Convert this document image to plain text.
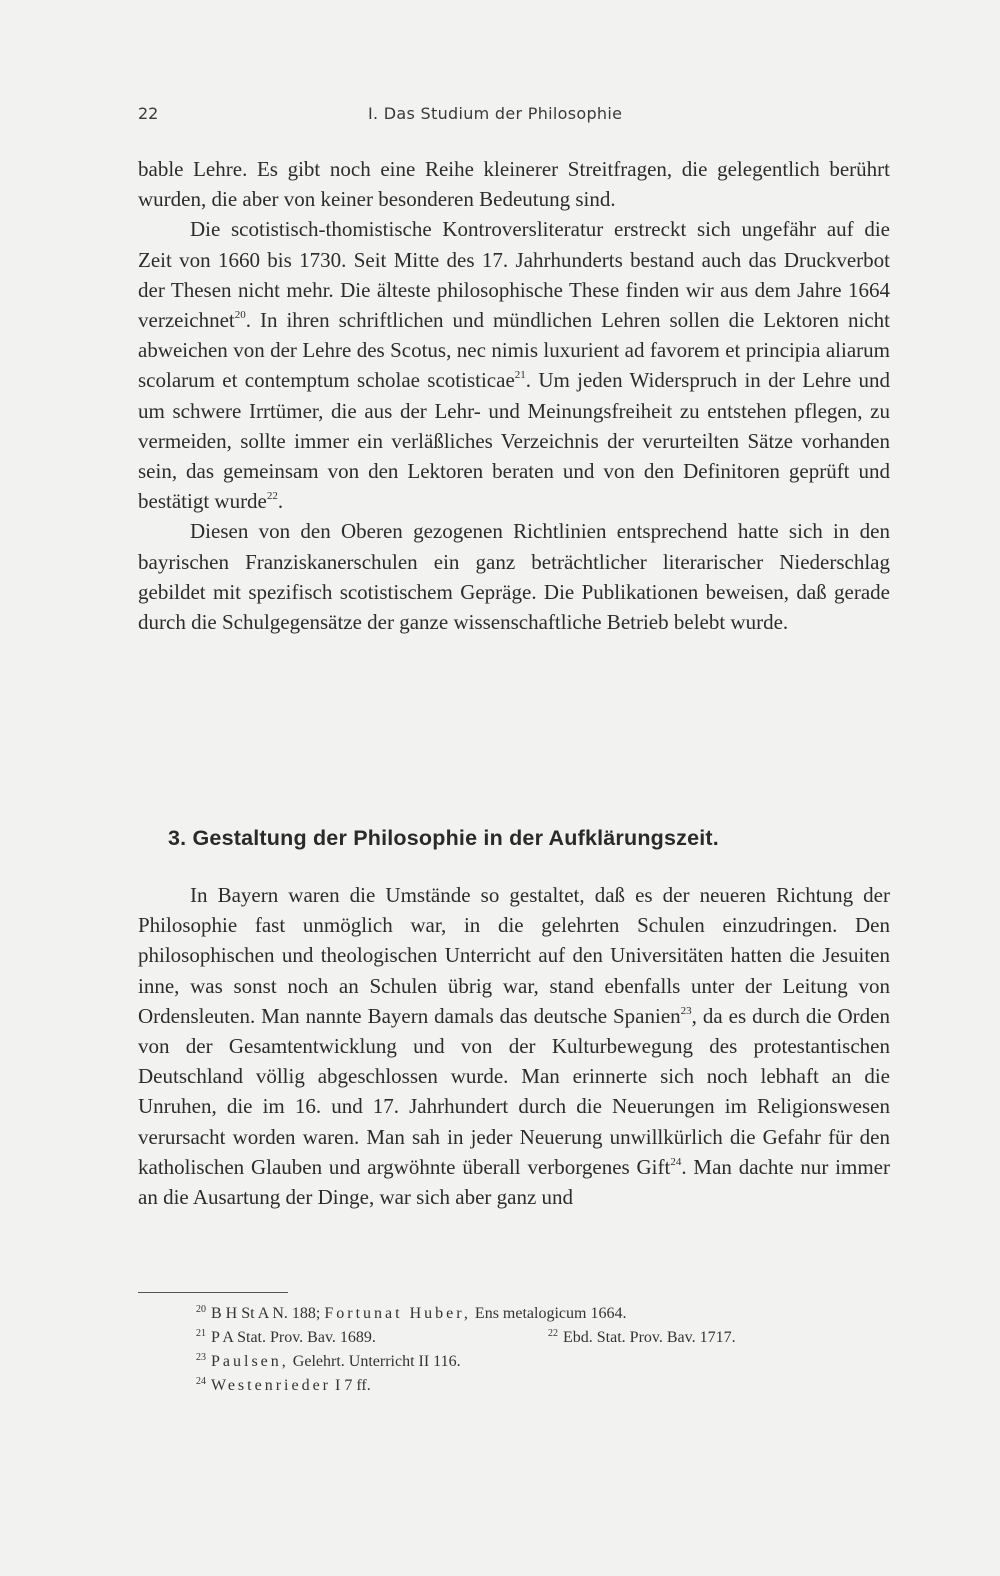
22	I. Das Studium der Philosophie

bable Lehre. Es gibt noch eine Reihe kleinerer Streitfragen, die gelegentlich berührt wurden, die aber von keiner besonderen Bedeutung sind.

Die scotistisch-thomistische Kontroversliteratur erstreckt sich ungefähr auf die Zeit von 1660 bis 1730. Seit Mitte des 17. Jahrhunderts bestand auch das Druckverbot der Thesen nicht mehr. Die älteste philosophische These finden wir aus dem Jahre 1664 verzeichnet$^{20}$. In ihren schriftlichen und mündlichen Lehren sollen die Lektoren nicht abweichen von der Lehre des Scotus, nec nimis luxurient ad favorem et principia aliarum scolarum et contemptum scholae scotisticae$^{21}$. Um jeden Widerspruch in der Lehre und um schwere Irrtümer, die aus der Lehr- und Meinungsfreiheit zu entstehen pflegen, zu vermeiden, sollte immer ein verläßliches Verzeichnis der verurteilten Sätze vorhanden sein, das gemeinsam von den Lektoren beraten und von den Definitoren geprüft und bestätigt wurde$^{22}$.

Diesen von den Oberen gezogenen Richtlinien entsprechend hatte sich in den bayrischen Franziskanerschulen ein ganz beträchtlicher literarischer Niederschlag gebildet mit spezifisch scotistischem Gepräge. Die Publikationen beweisen, daß gerade durch die Schulgegensätze der ganze wissenschaftliche Betrieb belebt wurde.

3. Gestaltung der Philosophie in der Aufklärungszeit.

In Bayern waren die Umstände so gestaltet, daß es der neueren Richtung der Philosophie fast unmöglich war, in die gelehrten Schulen einzudringen. Den philosophischen und theologischen Unterricht auf den Universitäten hatten die Jesuiten inne, was sonst noch an Schulen übrig war, stand ebenfalls unter der Leitung von Ordensleuten. Man nannte Bayern damals das deutsche Spanien$^{23}$, da es durch die Orden von der Gesamtentwicklung und von der Kulturbewegung des protestantischen Deutschland völlig abgeschlossen wurde. Man erinnerte sich noch lebhaft an die Unruhen, die im 16. und 17. Jahrhundert durch die Neuerungen im Religionswesen verursacht worden waren. Man sah in jeder Neuerung unwillkürlich die Gefahr für den katholischen Glauben und argwöhnte überall verborgenes Gift$^{24}$. Man dachte nur immer an die Ausartung der Dinge, war sich aber ganz und

$^{20}$ B H St A N. 188; Fortunat Huber, Ens metalogicum 1664.
$^{21}$ P A Stat. Prov. Bav. 1689.	$^{22}$ Ebd. Stat. Prov. Bav. 1717.
$^{23}$ Paulsen, Gelehrt. Unterricht II 116.
$^{24}$ Westenrieder I 7 ff.
